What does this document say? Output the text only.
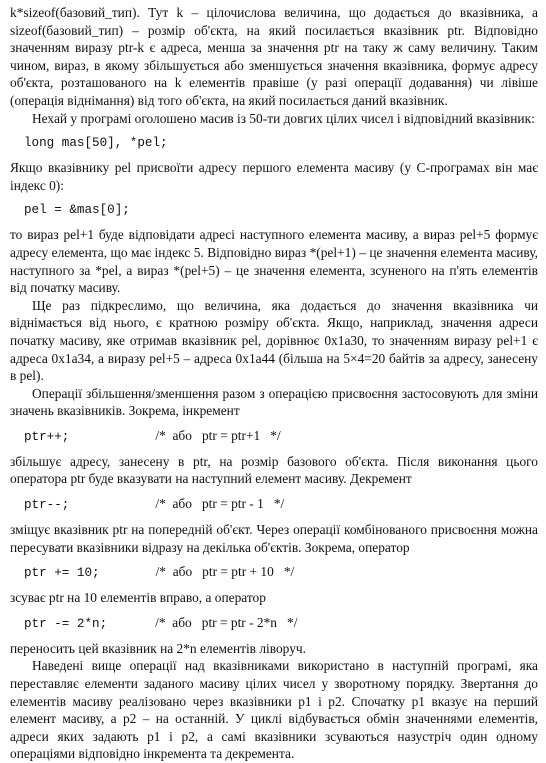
k*sizeof(базовий_тип). Тут k – цілочислова величина, що додається до вказівника, а sizeof(базовий_тип) – розмір об'єкта, на який посилається вказівник ptr. Відповідно значенням виразу ptr-k є адреса, менша за значення ptr на таку ж саму величину. Таким чином, вираз, в якому збільшується або зменшується значення вказівника, формує адресу об'єкта, розташованого на k елементів правіше (у разі операції додавання) чи лівіше (операція віднімання) від того об'єкта, на який посилається даний вказівник.

Нехай у програмі оголошено масив із 50-ти довгих цілих чисел і відповідний вказівник:

long mas[50], *pel;

Якщо вказівнику pel присвоїти адресу першого елемента масиву (у С-програмах він має індекс 0):

pel = &mas[0];

то вираз pel+1 буде відповідати адресі наступного елемента масиву, а вираз pel+5 формує адресу елемента, що має індекс 5. Відповідно вираз *(pel+1) – це значення елемента масиву, наступного за *pel, а вираз *(pel+5) – це значення елемента, зсуненого на п'ять елементів від початку масиву.

Ще раз підкреслимо, що величина, яка додається до значення вказівника чи віднімається від нього, є кратною розміру об'єкта. Якщо, наприклад, значення адреси початку масиву, яке отримав вказівник pel, дорівнює 0x1a30, то значенням виразу pel+1 є адреса 0x1a34, а виразу pel+5 – адреса 0x1a44 (більша на 5×4=20 байтів за адресу, занесену в pel).

Операції збільшення/зменшення разом з операцією присвоєння застосовують для зміни значень вказівників. Зокрема, інкремент

ptr++;	/*  або   ptr = ptr+1   */

збільшує адресу, занесену в ptr, на розмір базового об'єкта. Після виконання цього оператора ptr буде вказувати на наступний елемент масиву. Декремент

ptr--;	/*  або   ptr = ptr - 1   */

зміщує вказівник ptr на попередній об'єкт. Через операції комбінованого присвоєння можна пересувати вказівники відразу на декілька об'єктів. Зокрема, оператор

ptr += 10;	/*  або   ptr = ptr + 10   */

зсуває ptr на 10 елементів вправо, а оператор

ptr -= 2*n;	/*  або   ptr = ptr - 2*n   */

переносить цей вказівник на 2*n елементів ліворуч.

Наведені вище операції над вказівниками використано в наступній програмі, яка переставляє елементи заданого масиву цілих чисел у зворотному порядку. Звертання до елементів масиву реалізовано через вказівники p1 і p2. Спочатку p1 вказує на перший елемент масиву, а p2 – на останній. У циклі відбувається обмін значеннями елементів, адреси яких задають p1 і p2, а самі вказівники зсуваються назустріч один одному операціями відповідно інкремента та декремента.
